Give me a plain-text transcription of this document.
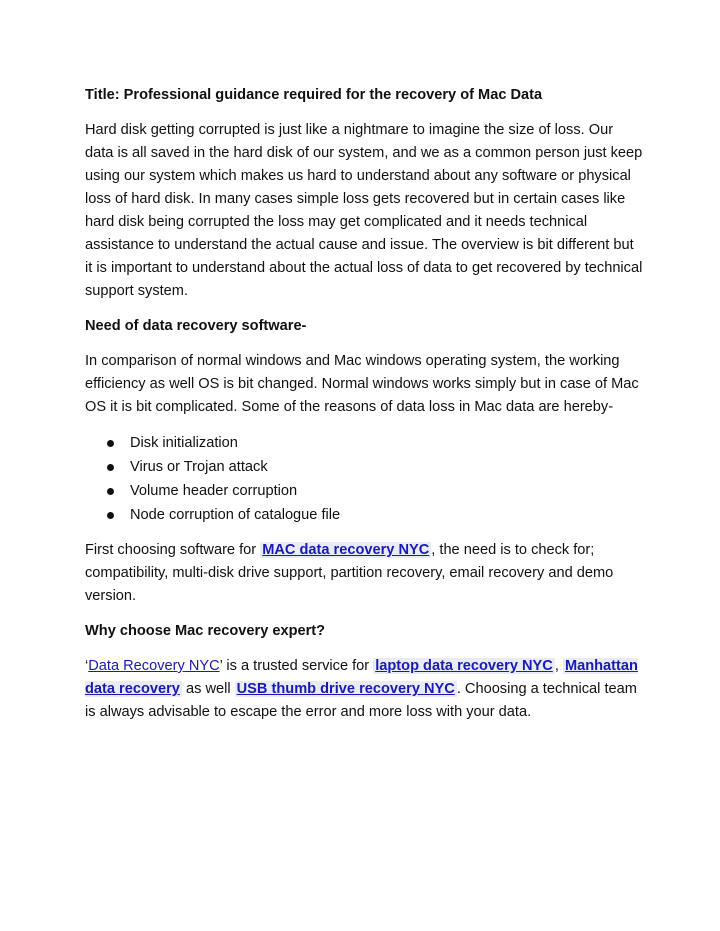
Title: Professional guidance required for the recovery of Mac Data

Hard disk getting corrupted is just like a nightmare to imagine the size of loss. Our data is all saved in the hard disk of our system, and we as a common person just keep using our system which makes us hard to understand about any software or physical loss of hard disk. In many cases simple loss gets recovered but in certain cases like hard disk being corrupted the loss may get complicated and it needs technical assistance to understand the actual cause and issue. The overview is bit different but it is important to understand about the actual loss of data to get recovered by technical support system.

Need of data recovery software-

In comparison of normal windows and Mac windows operating system, the working efficiency as well OS is bit changed. Normal windows works simply but in case of Mac OS it is bit complicated. Some of the reasons of data loss in Mac data are hereby-

Disk initialization
Virus or Trojan attack
Volume header corruption
Node corruption of catalogue file

First choosing software for MAC data recovery NYC , the need is to check for; compatibility, multi-disk drive support, partition recovery, email recovery and demo version.

Why choose Mac recovery expert?

‘Data Recovery NYC’ is a trusted service for laptop data recovery NYC , Manhattan data recovery as well USB thumb drive recovery NYC . Choosing a technical team is always advisable to escape the error and more loss with your data.
